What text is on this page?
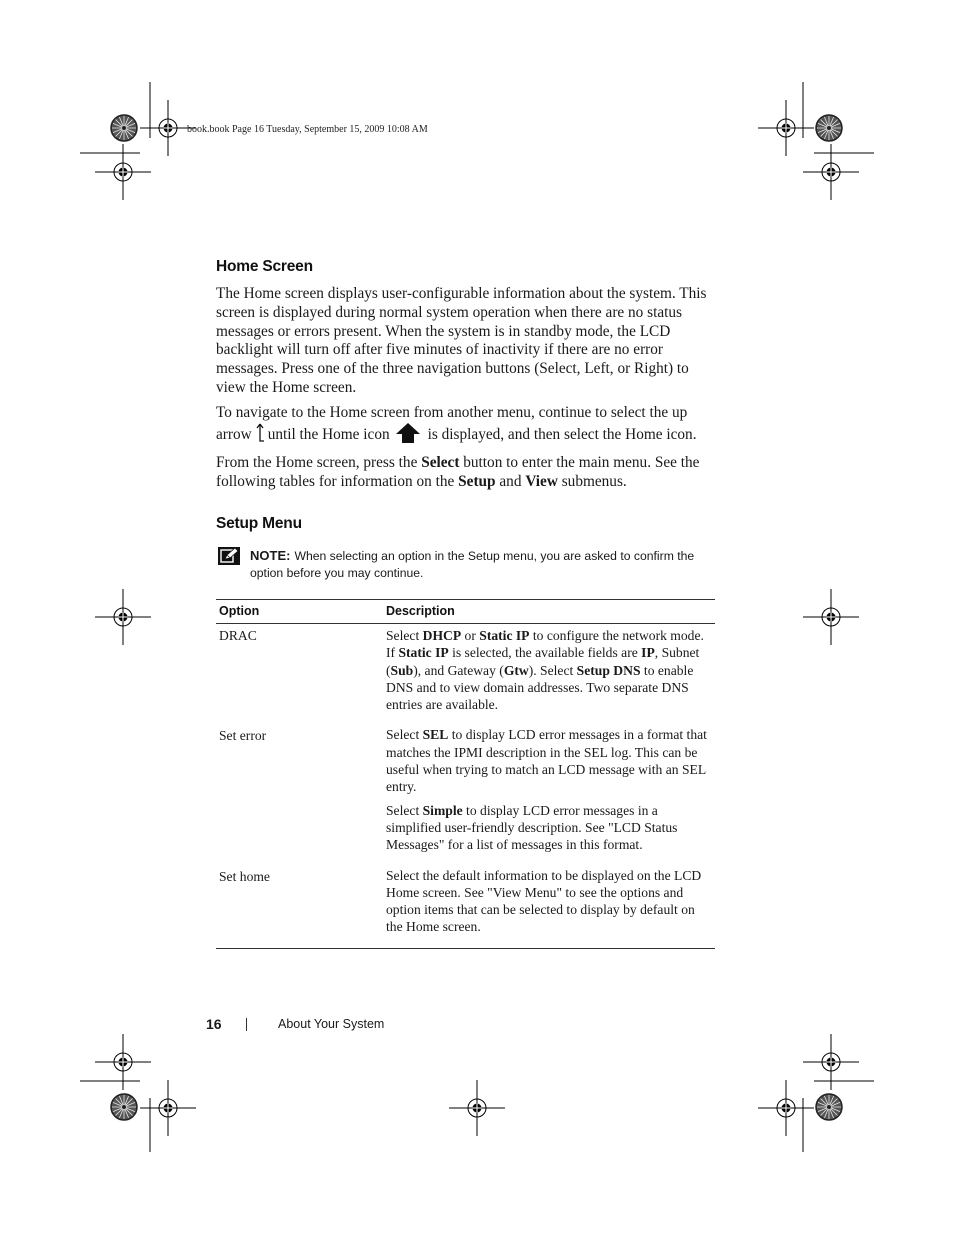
book.book Page 16 Tuesday, September 15, 2009 10:08 AM
Home Screen

The Home screen displays user-configurable information about the system. This screen is displayed during normal system operation when there are no status messages or errors present. When the system is in standby mode, the LCD backlight will turn off after five minutes of inactivity if there are no error messages. Press one of the three navigation buttons (Select, Left, or Right) to view the Home screen.

To navigate to the Home screen from another menu, continue to select the up arrow until the Home icon is displayed, and then select the Home icon.

From the Home screen, press the Select button to enter the main menu. See the following tables for information on the Setup and View submenus.

Setup Menu
NOTE: When selecting an option in the Setup menu, you are asked to confirm the option before you may continue.
Option	Description
DRAC	Select DHCP or Static IP to configure the network mode. If Static IP is selected, the available fields are IP, Subnet (Sub), and Gateway (Gtw). Select Setup DNS to enable DNS and to view domain addresses. Two separate DNS entries are available.

Set error	Select SEL to display LCD error messages in a format that matches the IPMI description in the SEL log. This can be useful when trying to match an LCD message with an SEL entry.

Select Simple to display LCD error messages in a simplified user-friendly description. See "LCD Status Messages" for a list of messages in this format.

Set home	Select the default information to be displayed on the LCD Home screen. See "View Menu" to see the options and option items that can be selected to display by default on the Home screen.

16	About Your System
